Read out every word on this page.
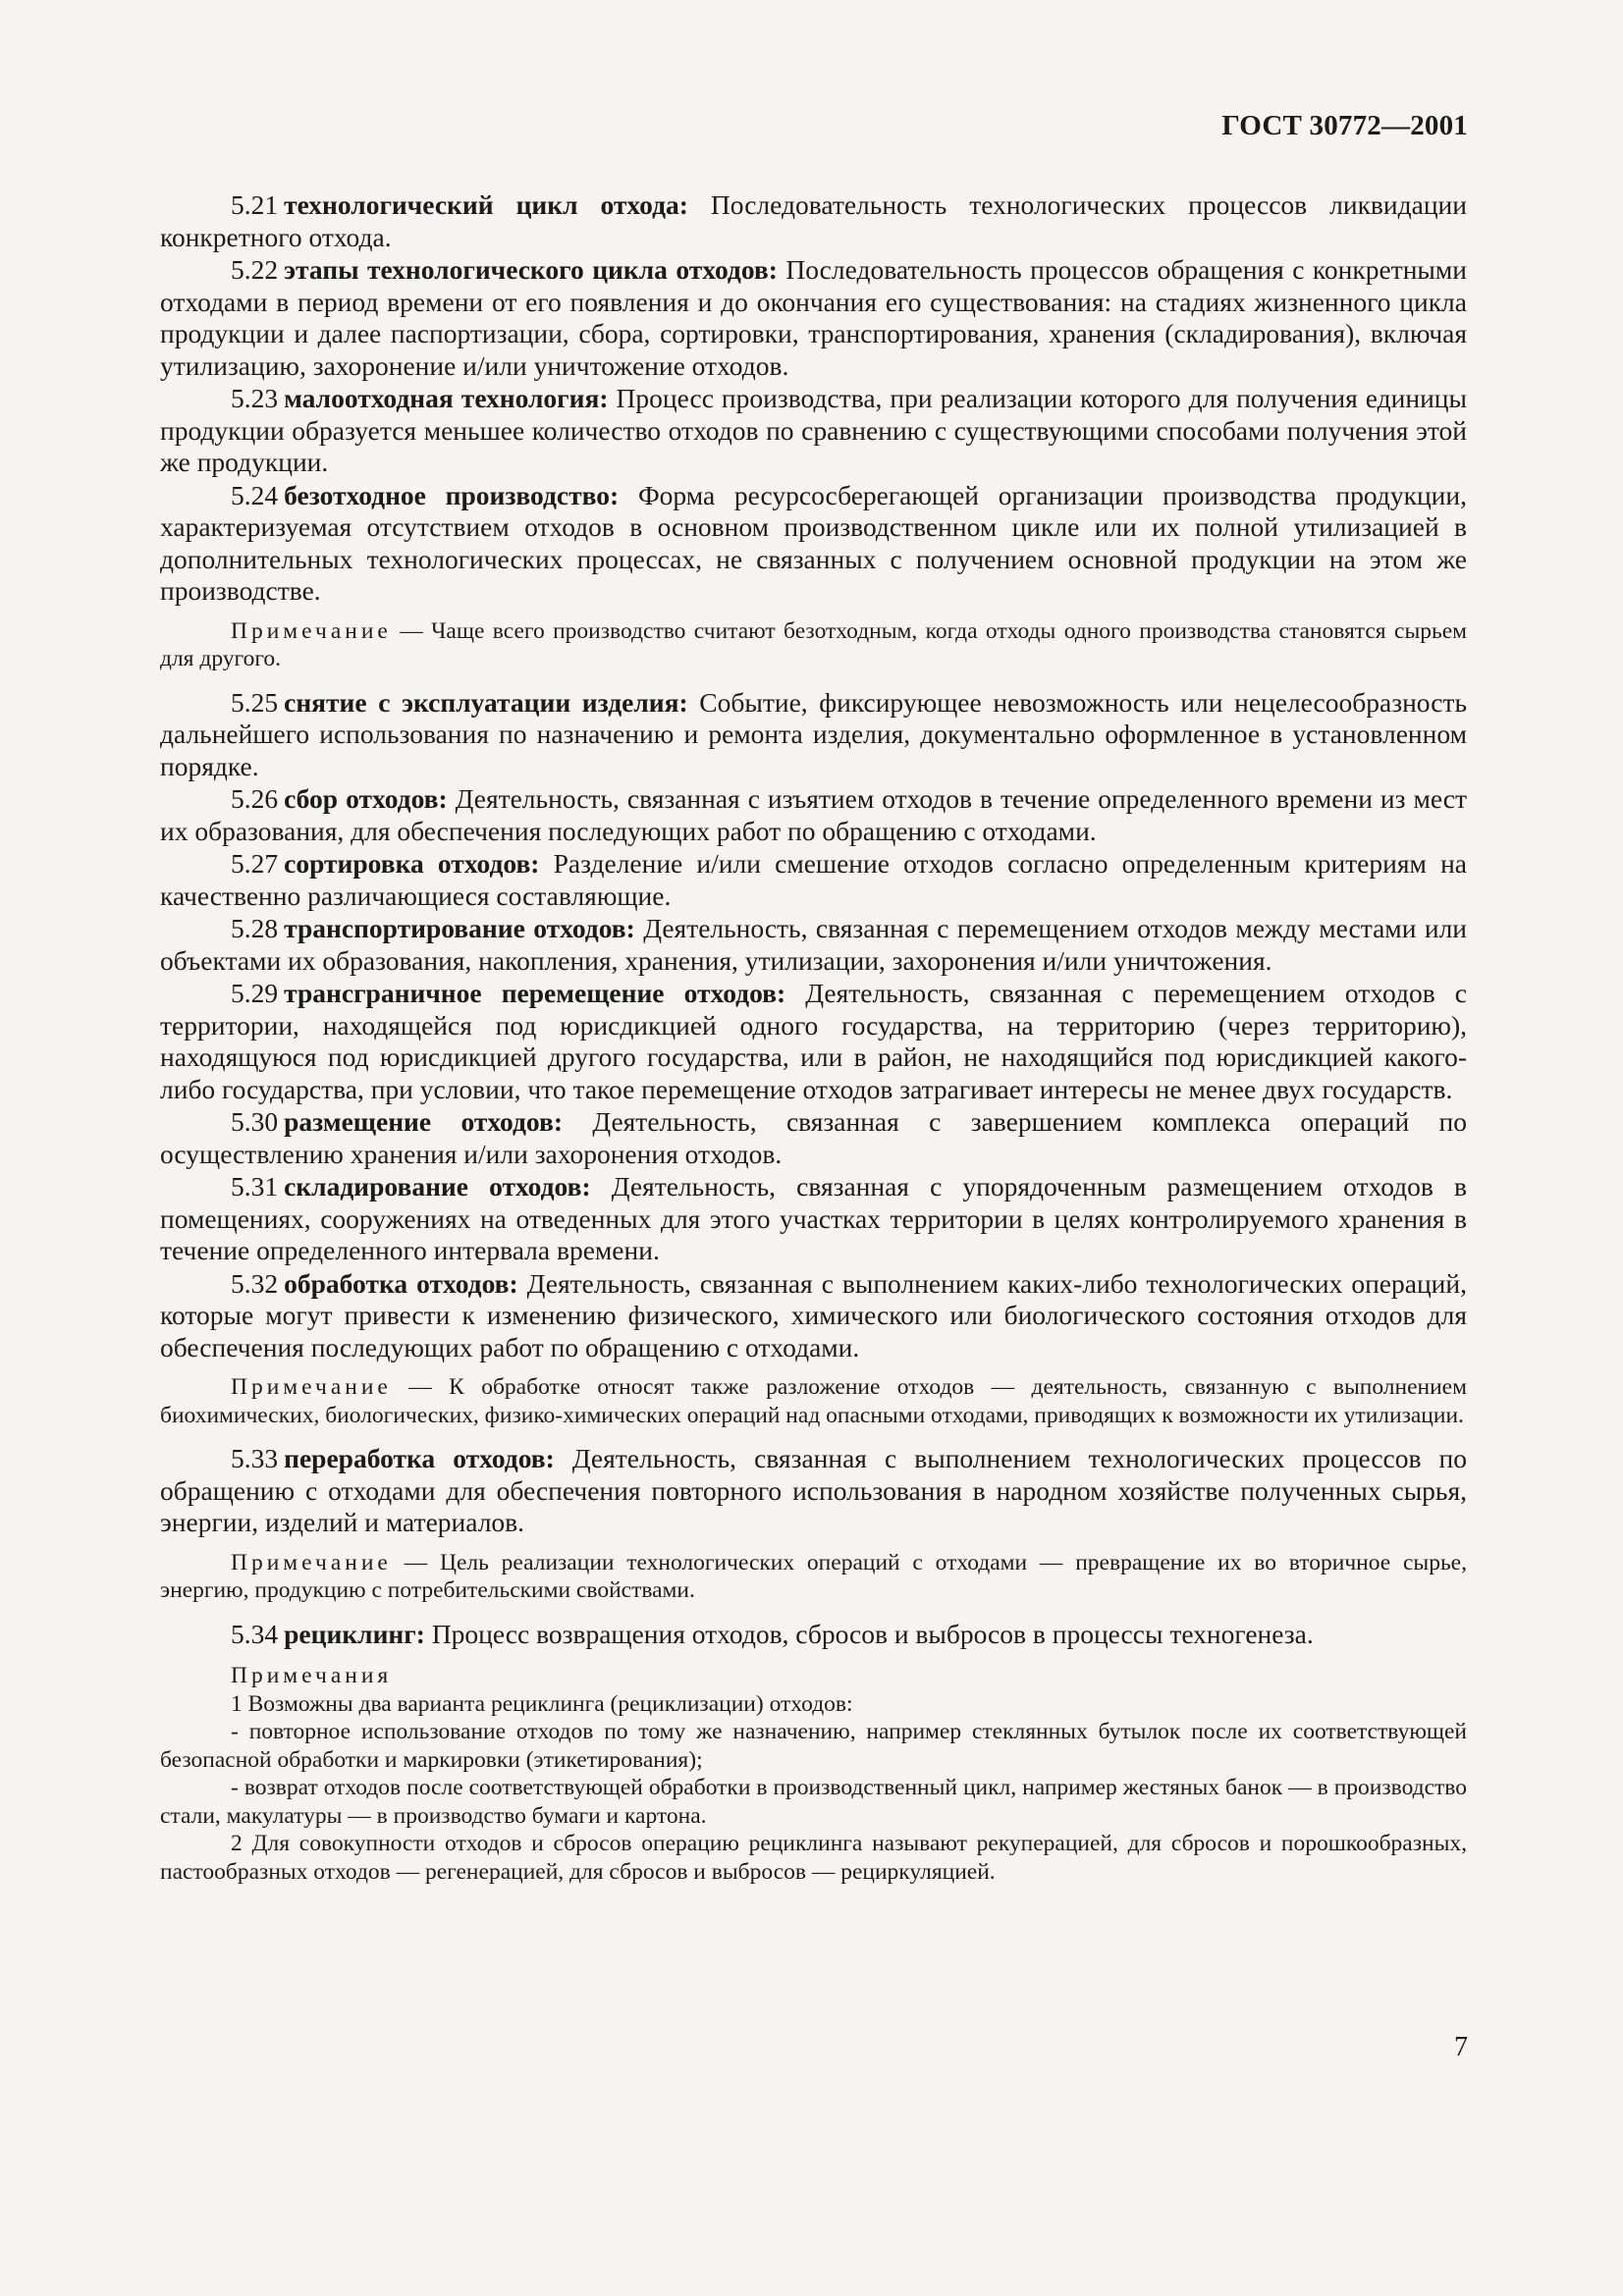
ГОСТ 30772—2001

5.21 технологический цикл отхода: Последовательность технологических процессов ликвидации конкретного отхода.

5.22 этапы технологического цикла отходов: Последовательность процессов обращения с конкретными отходами в период времени от его появления и до окончания его существования: на стадиях жизненного цикла продукции и далее паспортизации, сбора, сортировки, транспортирования, хранения (складирования), включая утилизацию, захоронение и/или уничтожение отходов.

5.23 малоотходная технология: Процесс производства, при реализации которого для получения единицы продукции образуется меньшее количество отходов по сравнению с существующими способами получения этой же продукции.

5.24 безотходное производство: Форма ресурсосберегающей организации производства продукции, характеризуемая отсутствием отходов в основном производственном цикле или их полной утилизацией в дополнительных технологических процессах, не связанных с получением основной продукции на этом же производстве.

Примечание — Чаще всего производство считают безотходным, когда отходы одного производства становятся сырьем для другого.

5.25 снятие с эксплуатации изделия: Событие, фиксирующее невозможность или нецелесообразность дальнейшего использования по назначению и ремонта изделия, документально оформленное в установленном порядке.

5.26 сбор отходов: Деятельность, связанная с изъятием отходов в течение определенного времени из мест их образования, для обеспечения последующих работ по обращению с отходами.

5.27 сортировка отходов: Разделение и/или смешение отходов согласно определенным критериям на качественно различающиеся составляющие.

5.28 транспортирование отходов: Деятельность, связанная с перемещением отходов между местами или объектами их образования, накопления, хранения, утилизации, захоронения и/или уничтожения.

5.29 трансграничное перемещение отходов: Деятельность, связанная с перемещением отходов с территории, находящейся под юрисдикцией одного государства, на территорию (через территорию), находящуюся под юрисдикцией другого государства, или в район, не находящийся под юрисдикцией какого-либо государства, при условии, что такое перемещение отходов затрагивает интересы не менее двух государств.

5.30 размещение отходов: Деятельность, связанная с завершением комплекса операций по осуществлению хранения и/или захоронения отходов.

5.31 складирование отходов: Деятельность, связанная с упорядоченным размещением отходов в помещениях, сооружениях на отведенных для этого участках территории в целях контролируемого хранения в течение определенного интервала времени.

5.32 обработка отходов: Деятельность, связанная с выполнением каких-либо технологических операций, которые могут привести к изменению физического, химического или биологического состояния отходов для обеспечения последующих работ по обращению с отходами.

Примечание — К обработке относят также разложение отходов — деятельность, связанную с выполнением биохимических, биологических, физико-химических операций над опасными отходами, приводящих к возможности их утилизации.

5.33 переработка отходов: Деятельность, связанная с выполнением технологических процессов по обращению с отходами для обеспечения повторного использования в народном хозяйстве полученных сырья, энергии, изделий и материалов.

Примечание — Цель реализации технологических операций с отходами — превращение их во вторичное сырье, энергию, продукцию с потребительскими свойствами.

5.34 рециклинг: Процесс возвращения отходов, сбросов и выбросов в процессы техногенеза.

Примечания
1 Возможны два варианта рециклинга (рециклизации) отходов:
- повторное использование отходов по тому же назначению, например стеклянных бутылок после их соответствующей безопасной обработки и маркировки (этикетирования);
- возврат отходов после соответствующей обработки в производственный цикл, например жестяных банок — в производство стали, макулатуры — в производство бумаги и картона.
2 Для совокупности отходов и сбросов операцию рециклинга называют рекуперацией, для сбросов и порошкообразных, пастообразных отходов — регенерацией, для сбросов и выбросов — рециркуляцией.
7
